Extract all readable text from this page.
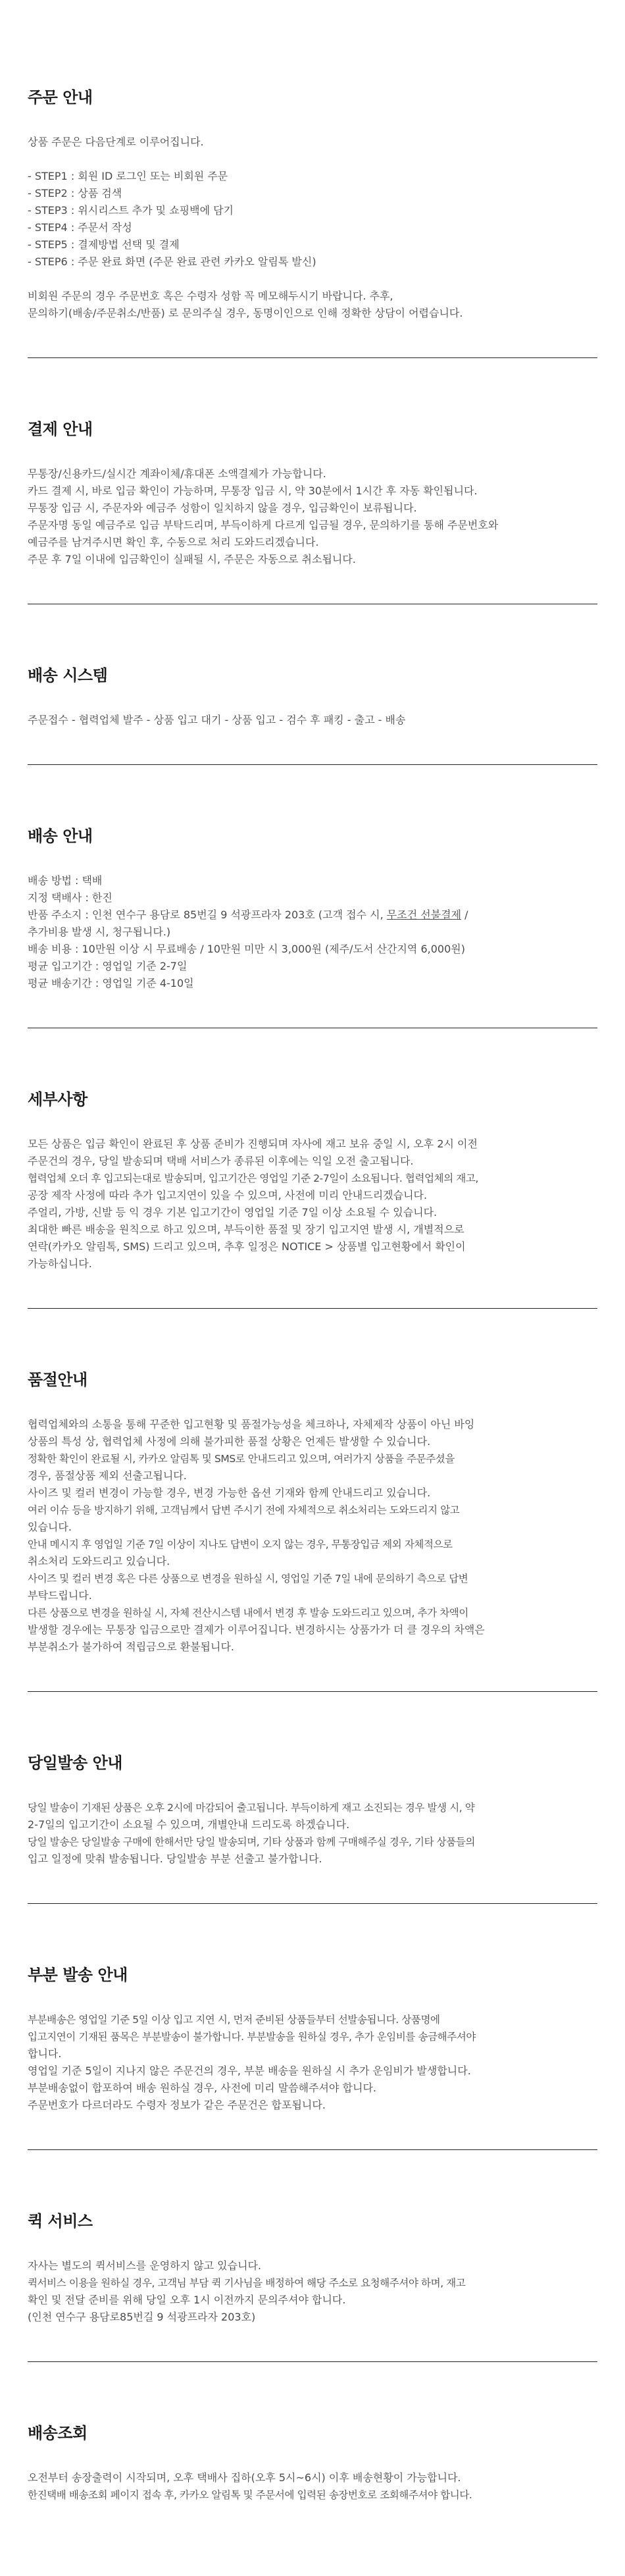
주문 안내
상품 주문은 다음단계로 이루어집니다.
- STEP1 : 회원 ID 로그인 또는 비회원 주문
- STEP2 : 상품 검색
- STEP3 : 위시리스트 추가 및 쇼핑백에 담기
- STEP4 : 주문서 작성
- STEP5 : 결제방법 선택 및 결제
- STEP6 : 주문 완료 화면 (주문 완료 관련 카카오 알림톡 발신)
비회원 주문의 경우 주문번호 혹은 수령자 성함 꼭 메모해두시기 바랍니다. 추후,
문의하기(배송/주문취소/반품) 로 문의주실 경우, 동명이인으로 인해 정확한 상담이 어렵습니다.
결제 안내
무통장/신용카드/실시간 계좌이체/휴대폰 소액결제가 가능합니다.
카드 결제 시, 바로 입금 확인이 가능하며, 무통장 입금 시, 약 30분에서 1시간 후 자동 확인됩니다.
무통장 입금 시, 주문자와 예금주 성함이 일치하지 않을 경우, 입금확인이 보류됩니다.
주문자명 동일 예금주로 입금 부탁드리며, 부득이하게 다르게 입금될 경우, 문의하기를 통해 주문번호와
예금주를 남겨주시면 확인 후, 수동으로 처리 도와드리겠습니다.
주문 후 7일 이내에 입금확인이 실패될 시, 주문은 자동으로 취소됩니다.
배송 시스템
주문접수 - 협력업체 발주 - 상품 입고 대기 - 상품 입고 - 검수 후 패킹 - 출고 - 배송
배송 안내
배송 방법 : 택배
지정 택배사 : 한진
반품 주소지 : 인천 연수구 용담로 85번길 9 석광프라자 203호 (고객 접수 시, 무조건 선불결제 /
추가비용 발생 시, 청구됩니다.)
배송 비용 : 10만원 이상 시 무료배송 / 10만원 미만 시 3,000원 (제주/도서 산간지역 6,000원)
평균 입고기간 : 영업일 기준 2-7일
평균 배송기간 : 영업일 기준 4-10일
세부사항
모든 상품은 입금 확인이 완료된 후 상품 준비가 진행되며 자사에 재고 보유 중일 시, 오후 2시 이전
주문건의 경우, 당일 발송되며 택배 서비스가 종류된 이후에는 익일 오전 출고됩니다.
협력업체 오더 후 입고되는대로 발송되며, 입고기간은 영업일 기준 2-7일이 소요됩니다. 협력업체의 재고,
공장 제작 사정에 따라 추가 입고지연이 있을 수 있으며, 사전에 미리 안내드리겠습니다.
주얼리, 가방, 신발 등 익 경우 기본 입고기간이 영업일 기준 7일 이상 소요될 수 있습니다.
최대한 빠른 배송을 원칙으로 하고 있으며, 부득이한 품절 및 장기 입고지연 발생 시, 개별적으로
연락(카카오 알림톡, SMS) 드리고 있으며, 추후 일정은 NOTICE > 상품별 입고현황에서 확인이
가능하십니다.
품절안내
협력업체와의 소통을 통해 꾸준한 입고현황 및 품절가능성을 체크하나, 자체제작 상품이 아닌 바잉
상품의 특성 상, 협력업체 사정에 의해 불가피한 품절 상황은 언제든 발생할 수 있습니다.
정확한 확인이 완료될 시, 카카오 알림톡 및 SMS로 안내드리고 있으며, 여러가지 상품을 주문주셨을
경우, 품절상품 제외 선출고됩니다.
사이즈 및 컬러 변경이 가능할 경우, 변경 가능한 옵션 기재와 함께 안내드리고 있습니다.
여러 이슈 등을 방지하기 위해, 고객님께서 답변 주시기 전에 자체적으로 취소처리는 도와드리지 않고
있습니다.
안내 메시지 후 영업일 기준 7일 이상이 지나도 답변이 오지 않는 경우, 무통장입금 제외 자체적으로
취소처리 도와드리고 있습니다.
사이즈 및 컬러 변경 혹은 다른 상품으로 변경을 원하실 시, 영업일 기준 7일 내에 문의하기 측으로 답변
부탁드립니다.
다른 상품으로 변경을 원하실 시, 자체 전산시스템 내에서 변경 후 발송 도와드리고 있으며, 추가 차액이
발생할 경우에는 무통장 입금으로만 결제가 이루어집니다. 변경하시는 상품가가 더 클 경우의 차액은
부분취소가 불가하여 적립금으로 환불됩니다.
당일발송 안내
당일 발송이 기재된 상품은 오후 2시에 마감되어 출고됩니다. 부득이하게 재고 소진되는 경우 발생 시, 약
2-7일의 입고기간이 소요될 수 있으며, 개별안내 드리도록 하겠습니다.
당일 발송은 당일발송 구매에 한해서만 당일 발송되며, 기타 상품과 함께 구매해주실 경우, 기타 상품들의
입고 일정에 맞춰 발송됩니다. 당일발송 부분 선출고 불가합니다.
부분 발송 안내
부분배송은 영업일 기준 5일 이상 입고 지연 시, 먼저 준비된 상품들부터 선발송됩니다. 상품명에
입고지연이 기재된 품목은 부분발송이 불가합니다. 부분발송을 원하실 경우, 추가 운임비를 송금해주셔야
합니다.
영업일 기준 5일이 지나지 않은 주문건의 경우, 부분 배송을 원하실 시 추가 운임비가 발생합니다.
부분배송없이 합포하여 배송 원하실 경우, 사전에 미리 말씀해주셔야 합니다.
주문번호가 다르더라도 수령자 정보가 같은 주문건은 합포됩니다.
퀵 서비스
자사는 별도의 퀵서비스를 운영하지 않고 있습니다.
퀵서비스 이용을 원하실 경우, 고객님 부담 퀵 기사님을 배정하여 해당 주소로 요청해주셔야 하며, 재고
확인 및 전달 준비를 위해 당일 오후 1시 이전까지 문의주셔야 합니다.
(인천 연수구 용담로85번길 9 석광프라자 203호)
배송조회
오전부터 송장출력이 시작되며, 오후 택배사 집하(오후 5시~6시) 이후 배송현황이 가능합니다.
한진택배 배송조회 페이지 접속 후, 카카오 알림톡 및 주문서에 입력된 송장번호로 조회해주셔야 합니다.
